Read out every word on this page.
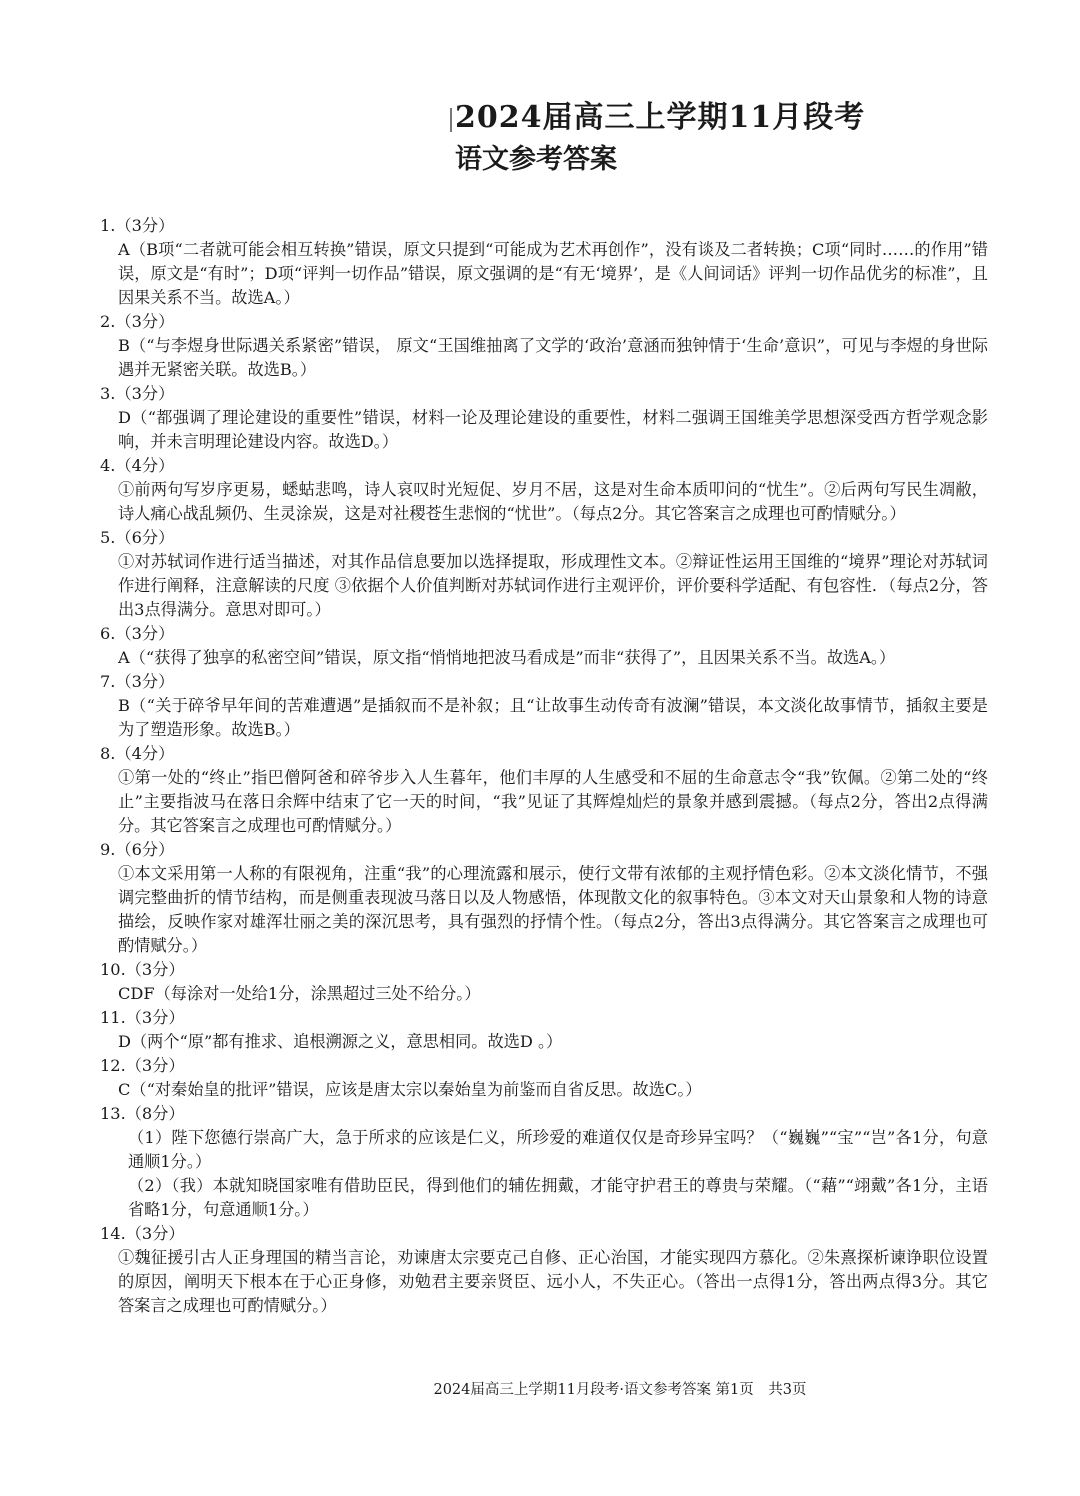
2024届高三上学期11月段考
语文参考答案
1.（3分）
A（B项“二者就可能会相互转换”错误，原文只提到“可能成为艺术再创作”，没有谈及二者转换；C项“同时……的作用”错误，原文是“有时”；D项“评判一切作品”错误，原文强调的是“有无‘境界’，是《人间词话》评判一切作品优劣的标准”，且因果关系不当。故选A。）
2.（3分）
B（“与李煜身世际遇关系紧密”错误， 原文“王国维抽离了文学的‘政治’意涵而独钟情于‘生命’意识”，可见与李煜的身世际遇并无紧密关联。故选B。）
3.（3分）
D（“都强调了理论建设的重要性”错误，材料一论及理论建设的重要性，材料二强调王国维美学思想深受西方哲学观念影响，并未言明理论建设内容。故选D。）
4.（4分）
①前两句写岁序更易，蟋蛄悲鸣，诗人哀叹时光短促、岁月不居，这是对生命本质叩问的“忧生”。②后两句写民生凋敝，诗人痛心战乱频仍、生灵涂炭，这是对社稷苍生悲悯的“忧世”。（每点2分。其它答案言之成理也可酌情赋分。）
5.（6分）
①对苏轼词作进行适当描述，对其作品信息要加以选择提取，形成理性文本。②辩证性运用王国维的“境界”理论对苏轼词作进行阐释，注意解读的尺度 ③依据个人价值判断对苏轼词作进行主观评价，评价要科学适配、有包容性．（每点2分，答出3点得满分。意思对即可。）
6.（3分）
A（“获得了独享的私密空间”错误，原文指“悄悄地把波马看成是”而非“获得了”，且因果关系不当。故选A。）
7.（3分）
B（“关于碎爷早年间的苦难遭遇”是插叙而不是补叙；且“让故事生动传奇有波澜”错误，本文淡化故事情节，插叙主要是为了塑造形象。故选B。）
8.（4分）
①第一处的“终止”指巴僧阿爸和碎爷步入人生暮年，他们丰厚的人生感受和不屈的生命意志令“我”钦佩。②第二处的“终止”主要指波马在落日余辉中结束了它一天的时间，“我”见证了其辉煌灿烂的景象并感到震撼。（每点2分，答出2点得满分。其它答案言之成理也可酌情赋分。）
9.（6分）
①本文采用第一人称的有限视角，注重“我”的心理流露和展示，使行文带有浓郁的主观抒情色彩。②本文淡化情节，不强调完整曲折的情节结构，而是侧重表现波马落日以及人物感悟，体现散文化的叙事特色。③本文对天山景象和人物的诗意描绘，反映作家对雄浑壮丽之美的深沉思考，具有强烈的抒情个性。（每点2分，答出3点得满分。其它答案言之成理也可酌情赋分。）
10.（3分）
CDF（每涂对一处给1分，涂黑超过三处不给分。）
11.（3分）
D（两个“原”都有推求、追根溯源之义，意思相同。故选D 。）
12.（3分）
C（“对秦始皇的批评”错误，应该是唐太宗以秦始皇为前鉴而自省反思。故选C。）
13.（8分）
（1）陛下您德行崇高广大，急于所求的应该是仁义，所珍爱的难道仅仅是奇珍异宝吗？（“巍巍”“宝”“岂”各1分，句意通顺1分。）
（2）（我）本就知晓国家唯有借助臣民，得到他们的辅佐拥戴，才能守护君王的尊贵与荣耀。（“藉”“翊戴”各1分，主语省略1分，句意通顺1分。）
14.（3分）
①魏征援引古人正身理国的精当言论，劝谏唐太宗要克己自修、正心治国，才能实现四方慕化。②朱熹探析谏诤职位设置的原因，阐明天下根本在于心正身修，劝勉君主要亲贤臣、远小人，不失正心。（答出一点得1分，答出两点得3分。其它答案言之成理也可酌情赋分。）
2024届高三上学期11月段考·语文参考答案 第1页　共3页
